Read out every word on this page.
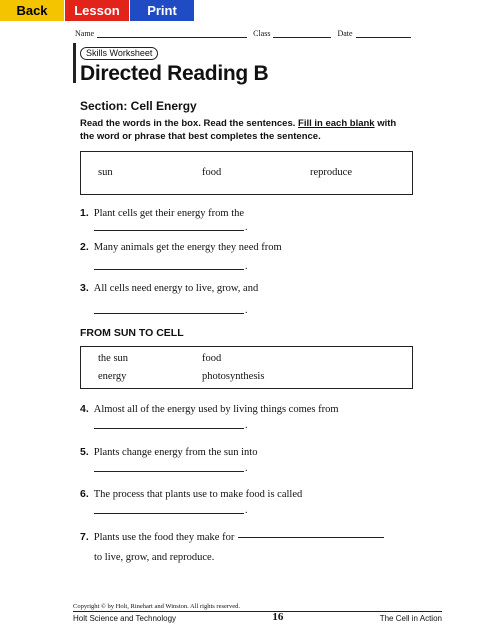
Back	Lesson	Print
Name	Class	Date
Skills Worksheet
Directed Reading B
Section: Cell Energy
Read the words in the box. Read the sentences. Fill in each blank with the word or phrase that best completes the sentence.
sun	food	reproduce
1. Plant cells get their energy from the
.
2. Many animals get the energy they need from
.
3. All cells need energy to live, grow, and
.
FROM SUN TO CELL
the sun	food
energy	photosynthesis
4. Almost all of the energy used by living things comes from
.
5. Plants change energy from the sun into
.
6. The process that plants use to make food is called
.
7. Plants use the food they make for
to live, grow, and reproduce.
Copyright © by Holt, Rinehart and Winston. All rights reserved.
Holt Science and Technology	16	The Cell in Action
